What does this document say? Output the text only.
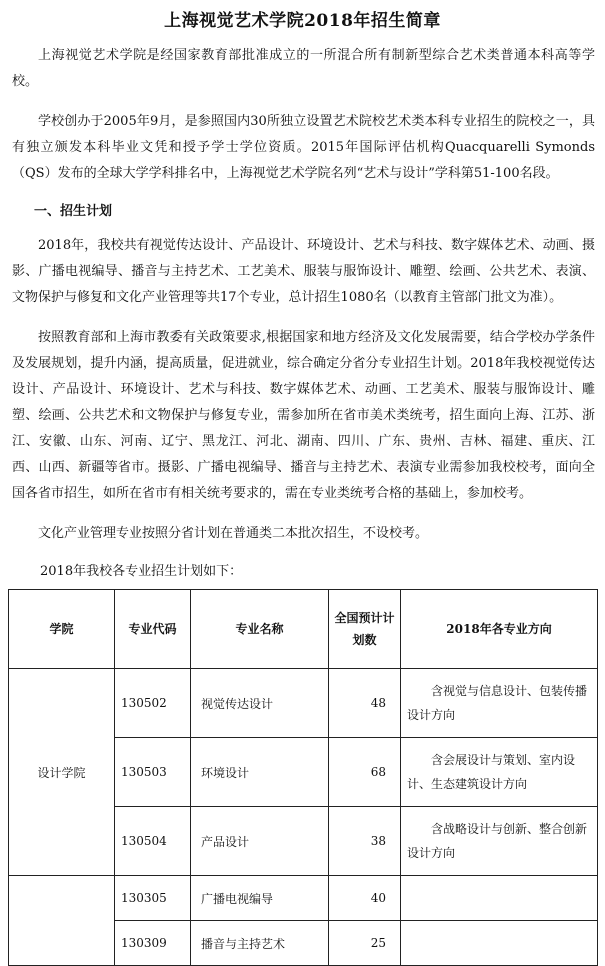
上海视觉艺术学院2018年招生简章

上海视觉艺术学院是经国家教育部批准成立的一所混合所有制新型综合艺术类普通本科高等学校。

学校创办于2005年9月，是参照国内30所独立设置艺术院校艺术类本科专业招生的院校之一，具有独立颁发本科毕业文凭和授予学士学位资质。2015年国际评估机构Quacquarelli Symonds（QS）发布的全球大学学科排名中，上海视觉艺术学院名列“艺术与设计”学科第51-100名段。

一、招生计划

2018年，我校共有视觉传达设计、产品设计、环境设计、艺术与科技、数字媒体艺术、动画、摄影、广播电视编导、播音与主持艺术、工艺美术、服装与服饰设计、雕塑、绘画、公共艺术、表演、文物保护与修复和文化产业管理等共17个专业，总计招生1080名（以教育主管部门批文为准）。

按照教育部和上海市教委有关政策要求,根据国家和地方经济及文化发展需要，结合学校办学条件及发展规划，提升内涵，提高质量，促进就业，综合确定分省分专业招生计划。2018年我校视觉传达设计、产品设计、环境设计、艺术与科技、数字媒体艺术、动画、工艺美术、服装与服饰设计、雕塑、绘画、公共艺术和文物保护与修复专业，需参加所在省市美术类统考，招生面向上海、江苏、浙江、安徽、山东、河南、辽宁、黑龙江、河北、湖南、四川、广东、贵州、吉林、福建、重庆、江西、山西、新疆等省市。摄影、广播电视编导、播音与主持艺术、表演专业需参加我校校考，面向全国各省市招生，如所在省市有相关统考要求的，需在专业类统考合格的基础上，参加校考。

文化产业管理专业按照分省计划在普通类二本批次招生，不设校考。

2018年我校各专业招生计划如下：

学院	专业代码	专业名称	全国预计计划数	2018年各专业方向
设计学院	130502	视觉传达设计	48	含视觉与信息设计、包装传播设计方向

	130503	环境设计	68	含会展设计与策划、室内设计、生态建筑设计方向

	130504	产品设计	38	含战略设计与创新、整合创新设计方向

	130305	广播电视编导	40	
	130309	播音与主持艺术	25	
